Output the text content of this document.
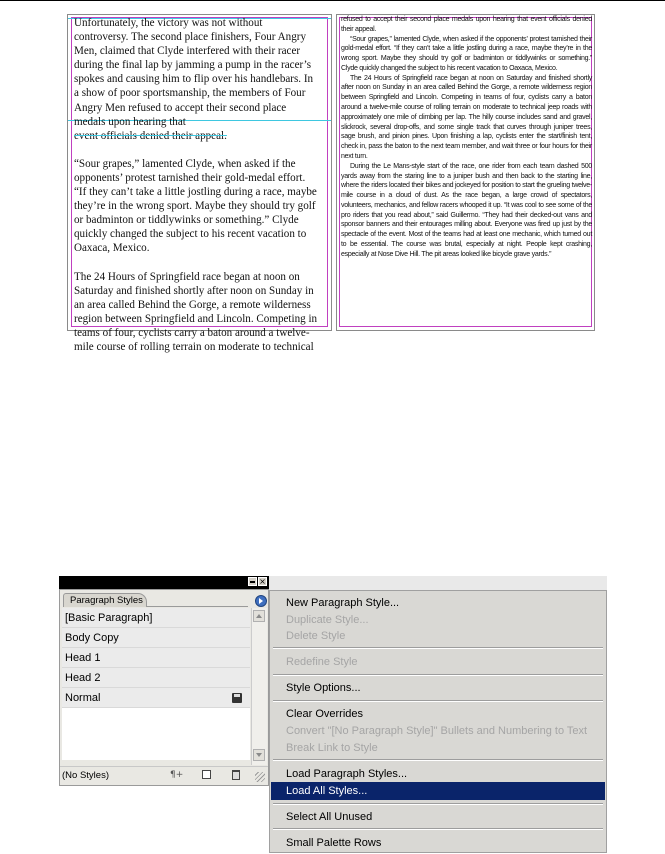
Unfortunately, the victory was not without controversy. The second place finishers, Four Angry Men, claimed that Clyde interfered with their racer during the final lap by jamming a pump in the racer’s spokes and causing him to flip over his handlebars. In a show of poor sportsmanship, the members of Four Angry Men refused to accept their second place medals upon hearing that

event officials denied their appeal.

“Sour grapes,” lamented Clyde, when asked if the opponents’ protest tarnished their gold-medal effort. “If they can’t take a little jostling during a race, maybe they’re in the wrong sport. Maybe they should try golf or badminton or tiddlywinks or something.” Clyde quickly changed the subject to his recent vacation to Oaxaca, Mexico.

The 24 Hours of Springfield race began at noon on Saturday and finished shortly after noon on Sunday in an area called Behind the Gorge, a remote wilderness region between Springfield and Lincoln. Competing in teams of four, cyclists carry a baton around a twelve-mile course of rolling terrain on moderate to technical

refused to accept their second place medals upon hearing that event officials denied their appeal.

“Sour grapes,” lamented Clyde, when asked if the opponents’ protest tarnished their gold-medal effort. “If they can’t take a little jostling during a race, maybe they’re in the wrong sport. Maybe they should try golf or badminton or tiddlywinks or something.” Clyde quickly changed the subject to his recent vacation to Oaxaca, Mexico.

The 24 Hours of Springfield race began at noon on Saturday and finished shortly after noon on Sunday in an area called Behind the Gorge, a remote wilderness region between Springfield and Lincoln. Competing in teams of four, cyclists carry a baton around a twelve-mile course of rolling terrain on moderate to technical jeep roads with approximately one mile of climbing per lap. The hilly course includes sand and gravel, slickrock, several drop-offs, and some single track that curves through juniper trees, sage brush, and pinion pines. Upon finishing a lap, cyclists enter the start/finish tent, check in, pass the baton to the next team member, and wait three or four hours for their next turn.

During the Le Mans-style start of the race, one rider from each team dashed 500 yards away from the staring line to a juniper bush and then back to the starting line, where the riders located their bikes and jockeyed for position to start the grueling twelve-mile course in a cloud of dust. As the race began, a large crowd of spectators, volunteers, mechanics, and fellow racers whooped it up. “It was cool to see some of the pro riders that you read about,” said Guillermo. “They had their decked-out vans and sponsor banners and their entourages milling about. Everyone was fired up just by the spectacle of the event. Most of the teams had at least one mechanic, which turned out to be essential. The course was brutal, especially at night. People kept crashing, especially at Nose Dive Hill. The pit areas looked like bicycle grave yards.”

×
Paragraph Styles
[Basic Paragraph]
Body Copy
Head 1
Head 2
Normal
(No Styles)	¶+
New Paragraph Style...
Duplicate Style...
Delete Style
Redefine Style
Style Options...
Clear Overrides
Convert "[No Paragraph Style]" Bullets and Numbering to Text
Break Link to Style
Load Paragraph Styles...
Load All Styles...
Select All Unused
Small Palette Rows
